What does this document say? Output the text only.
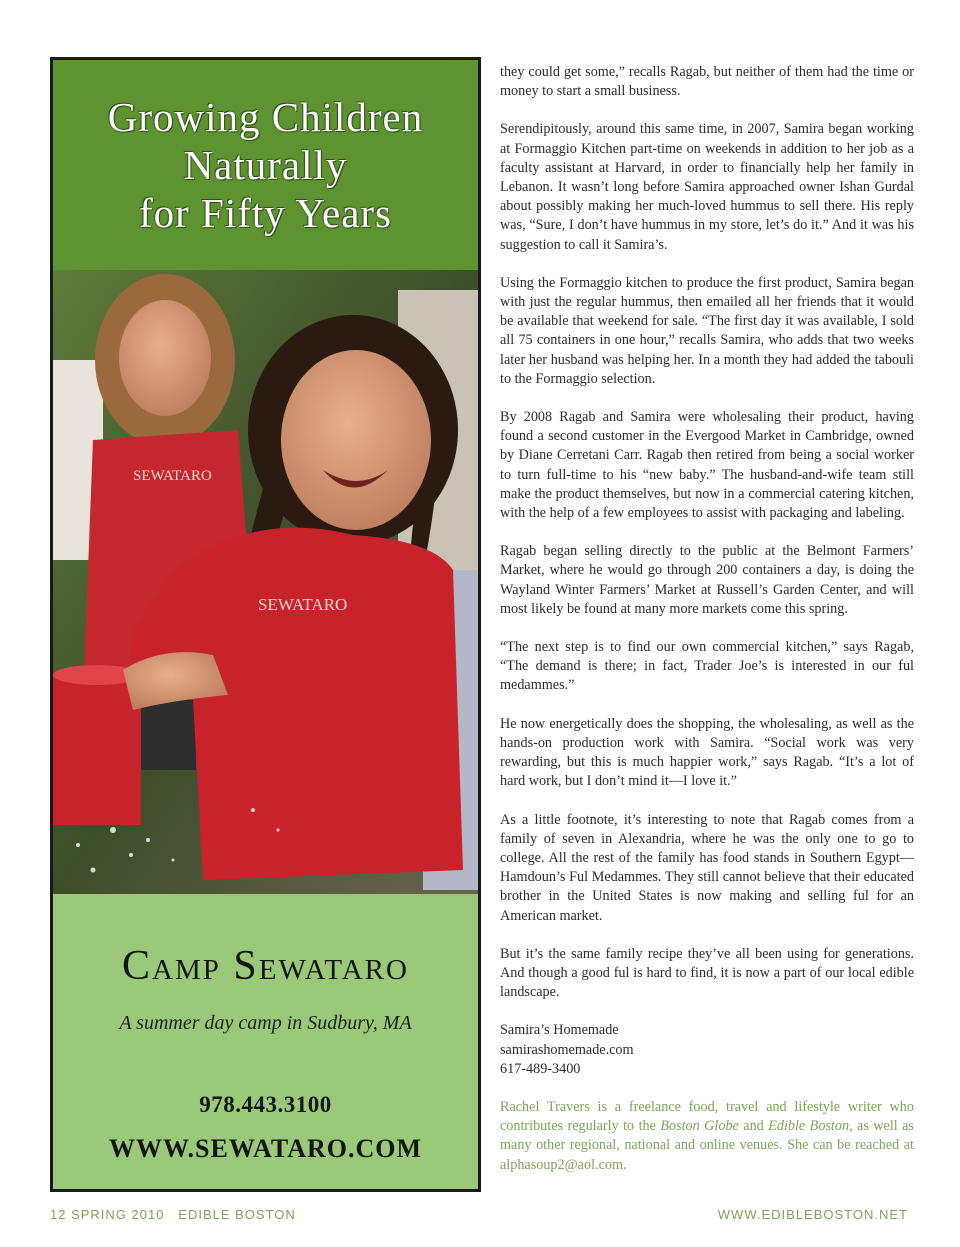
Growing Children
Naturally
for Fifty Years
SEWATARO
SEWATARO
Camp Sewataro
A summer day camp in Sudbury, MA
978.443.3100
WWW.SEWATARO.COM

they could get some,” recalls Ragab, but neither of them had the time or money to start a small business.

Serendipitously, around this same time, in 2007, Samira began working at Formaggio Kitchen part-time on weekends in addition to her job as a faculty assistant at Harvard, in order to financially help her family in Lebanon. It wasn’t long before Samira approached owner Ishan Gurdal about possibly making her much-loved hummus to sell there. His reply was, “Sure, I don’t have hummus in my store, let’s do it.” And it was his suggestion to call it Samira’s.

Using the Formaggio kitchen to produce the first product, Samira began with just the regular hummus, then emailed all her friends that it would be available that weekend for sale. “The first day it was available, I sold all 75 containers in one hour,” recalls Samira, who adds that two weeks later her husband was helping her. In a month they had added the tabouli to the Formaggio selection.

By 2008 Ragab and Samira were wholesaling their product, having found a second customer in the Evergood Market in Cambridge, owned by Diane Cerretani Carr. Ragab then retired from being a social worker to turn full-time to his “new baby.” The husband-and-wife team still make the product themselves, but now in a commercial catering kitchen, with the help of a few employees to assist with packaging and labeling.

Ragab began selling directly to the public at the Belmont Farmers’ Market, where he would go through 200 containers a day, is doing the Wayland Winter Farmers’ Market at Russell’s Garden Center, and will most likely be found at many more markets come this spring.

“The next step is to find our own commercial kitchen,” says Ragab, “The demand is there; in fact, Trader Joe’s is interested in our ful medammes.”

He now energetically does the shopping, the wholesaling, as well as the hands-on production work with Samira. “Social work was very rewarding, but this is much happier work,” says Ragab. “It’s a lot of hard work, but I don’t mind it—I love it.”

As a little footnote, it’s interesting to note that Ragab comes from a family of seven in Alexandria, where he was the only one to go to college. All the rest of the family has food stands in Southern Egypt—Hamdoun’s Ful Medammes. They still cannot believe that their educated brother in the United States is now making and selling ful for an American market.

But it’s the same family recipe they’ve all been using for generations. And though a good ful is hard to find, it is now a part of our local edible landscape.

Samira’s Homemade
samirashomemade.com
617-489-3400

Rachel Travers is a freelance food, travel and lifestyle writer who contributes regularly to the Boston Globe and Edible Boston, as well as many other regional, national and online venues. She can be reached at alphasoup2@aol.com.

12 SPRING 2010   EDIBLE BOSTON	WWW.EDIBLEBOSTON.NET
